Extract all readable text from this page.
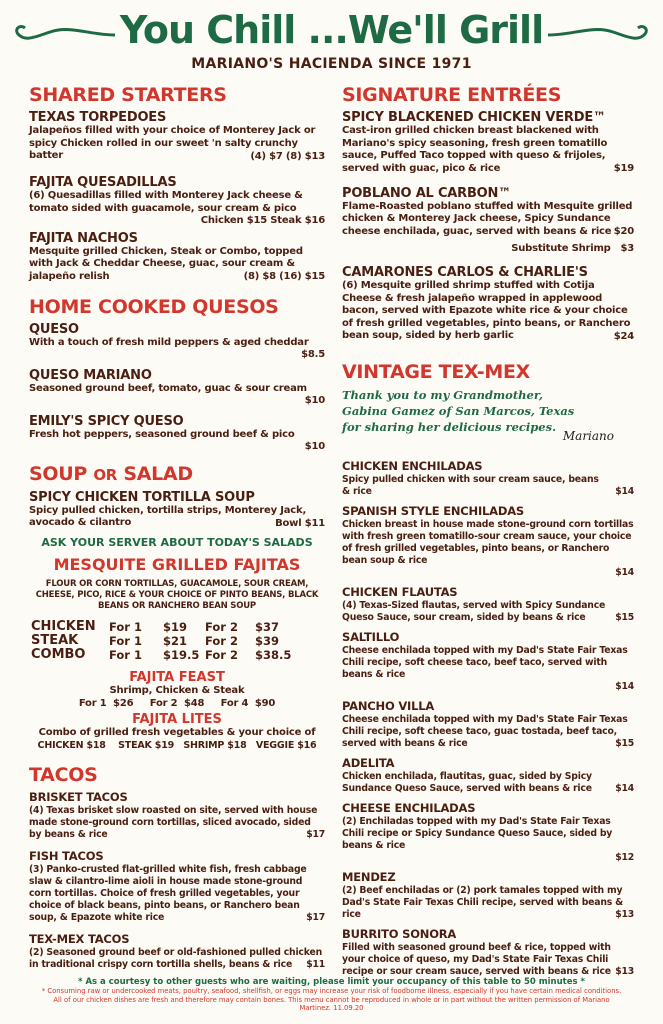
You Chill ...We'll Grill
MARIANO'S HACIENDA SINCE 1971
SHARED STARTERS
TEXAS TORPEDOES
Jalapeños filled with your choice of Monterey Jack or spicy Chicken rolled in our sweet 'n salty crunchy batter	(4) $7 (8) $13
FAJITA QUESADILLAS
(6) Quesadillas filled with Monterey Jack cheese & tomato sided with guacamole, sour cream & pico
Chicken $15 Steak $16
FAJITA NACHOS
Mesquite grilled Chicken, Steak or Combo, topped with Jack & Cheddar Cheese, guac, sour cream & jalapeño relish	(8) $8 (16) $15
HOME COOKED QUESOS
QUESO
With a touch of fresh mild peppers & aged cheddar
$8.5
QUESO MARIANO
Seasoned ground beef, tomato, guac & sour cream
$10
EMILY'S SPICY QUESO
Fresh hot peppers, seasoned ground beef & pico
$10
SOUP OR SALAD
SPICY CHICKEN TORTILLA SOUP
Spicy pulled chicken, tortilla strips, Monterey Jack, avocado & cilantro	Bowl $11
ASK YOUR SERVER ABOUT TODAY'S SALADS
MESQUITE GRILLED FAJITAS
FLOUR OR CORN TORTILLAS, GUACAMOLE, SOUR CREAM, CHEESE, PICO, RICE & YOUR CHOICE OF PINTO BEANS, BLACK BEANS OR RANCHERO BEAN SOUP
CHICKEN	For 1	$19	For 2	$37
STEAK	For 1	$21	For 2	$39
COMBO	For 1	$19.5 For 2	$38.5
FAJITA FEAST
Shrimp, Chicken & Steak
For 1  $26     For 2  $48     For 4  $90
FAJITA LITES
Combo of grilled fresh vegetables & your choice of
CHICKEN $18    STEAK $19   SHRIMP $18   VEGGIE $16
TACOS
BRISKET TACOS
(4) Texas brisket slow roasted on site, served with house made stone-ground corn tortillas, sliced avocado, sided by beans & rice	$17
FISH TACOS
(3) Panko-crusted flat-grilled white fish, fresh cabbage slaw & cilantro-lime aioli in house made stone-ground corn tortillas. Choice of fresh grilled vegetables, your choice of black beans, pinto beans, or Ranchero bean soup, & Epazote white rice	$17
TEX-MEX TACOS
(2) Seasoned ground beef or old-fashioned pulled chicken in traditional crispy corn tortilla shells, beans & rice	$11
SIGNATURE ENTRÉES
SPICY BLACKENED CHICKEN VERDE™
Cast-iron grilled chicken breast blackened with Mariano's spicy seasoning, fresh green tomatillo sauce, Puffed Taco topped with queso & frijoles, served with guac, pico & rice	$19
POBLANO AL CARBON™
Flame-Roasted poblano stuffed with Mesquite grilled chicken & Monterey Jack cheese, Spicy Sundance cheese enchilada, guac, served with beans & rice $20
Substitute Shrimp   $3
CAMARONES CARLOS & CHARLIE'S
(6) Mesquite grilled shrimp stuffed with Cotija Cheese & fresh jalapeño wrapped in applewood bacon, served with Epazote white rice & your choice of fresh grilled vegetables, pinto beans, or Ranchero bean soup, sided by herb garlic	$24
VINTAGE TEX-MEX
Thank you to my Grandmother, Gabina Gamez of San Marcos, Texas for sharing her delicious recipes.
Mariano
CHICKEN ENCHILADAS
Spicy pulled chicken with sour cream sauce, beans & rice	$14
SPANISH STYLE ENCHILADAS
Chicken breast in house made stone-ground corn tortillas with fresh green tomatillo-sour cream sauce, your choice of fresh grilled vegetables, pinto beans, or Ranchero bean soup & rice
$14
CHICKEN FLAUTAS
(4) Texas-Sized flautas, served with Spicy Sundance Queso Sauce, sour cream, sided by beans & rice	$15
SALTILLO
Cheese enchilada topped with my Dad's State Fair Texas Chili recipe, soft cheese taco, beef taco, served with beans & rice
$14
PANCHO VILLA
Cheese enchilada topped with my Dad's State Fair Texas Chili recipe, soft cheese taco, guac tostada, beef taco, served with beans & rice	$15
ADELITA
Chicken enchilada, flautitas, guac, sided by Spicy Sundance Queso Sauce, served with beans & rice	$14
CHEESE ENCHILADAS
(2) Enchiladas topped with my Dad's State Fair Texas Chili recipe or Spicy Sundance Queso Sauce, sided by beans & rice
$12
MENDEZ
(2) Beef enchiladas or (2) pork tamales topped with my Dad's State Fair Texas Chili recipe, served with beans & rice	$13
BURRITO SONORA
Filled with seasoned ground beef & rice, topped with your choice of queso, my Dad's State Fair Texas Chili recipe or sour cream sauce, served with beans & rice $13
* As a courtesy to other guests who are waiting, please limit your occupancy of this table to 50 minutes *
* Consuming raw or undercooked meats, poultry, seafood, shellfish, or eggs may increase your risk of foodborne illness, especially if you have certain medical conditions. All of our chicken dishes are fresh and therefore may contain bones. This menu cannot be reproduced in whole or in part without the written permission of Mariano Martinez. 11.09.20
